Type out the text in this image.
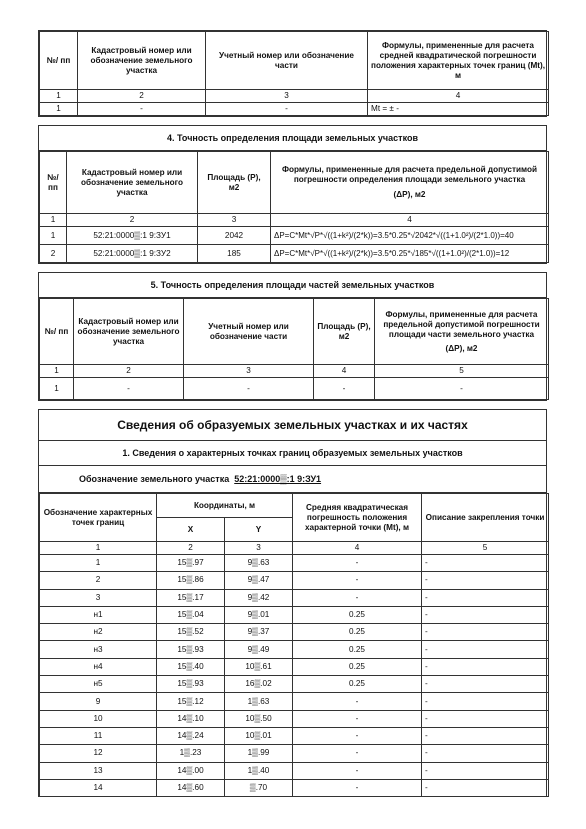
№/ пп	Кадастровый номер или обозначение земельного участка	Учетный номер или обозначение части	Формулы, примененные для расчета средней квадратической погрешности положения характерных точек границ (Mt), м
1	2	3	4
1	-	-	Mt = ± -
4. Точность определения площади земельных участков
№/ пп	Кадастровый номер или обозначение земельного участка	Площадь (P), м2	Формулы, примененные для расчета предельной допустимой погрешности определения площади земельного участка
(ΔP), м2

1	2	3	4
1	52:21:0000▒:1 9:ЗУ1	2042	ΔP=C*Mt*√P*√((1+k²)/(2*k))=3.5*0.25*√2042*√((1+1.0²)/(2*1.0))=40
2	52:21:0000▒:1 9:ЗУ2	185	ΔP=C*Mt*√P*√((1+k²)/(2*k))=3.5*0.25*√185*√((1+1.0²)/(2*1.0))=12
5. Точность определения площади частей земельных участков
№/ пп	Кадастровый номер или обозначение земельного участка	Учетный номер или обозначение части	Площадь (P), м2	Формулы, примененные для расчета предельной допустимой погрешности площади части земельного участка
(ΔP), м2

1	2	3	4	5
1	-	-	-	-
Сведения об образуемых земельных участках и их частях
1. Сведения о характерных точках границ образуемых земельных участков
Обозначение земельного участка 52:21:0000▒:1 9:ЗУ1
Обозначение характерных точек границ	Координаты, м		Средняя квадратическая погрешность положения характерной точки (Mt), м	Описание закрепления точки
	X	Y		
1	2	3	4	5
1	15▒.97	9▒.63	-	-
2	15▒.86	9▒.47	-	-
3	15▒.17	9▒.42	-	-
н1	15▒.04	9▒.01	0.25	-
н2	15▒.52	9▒.37	0.25	-
н3	15▒.93	9▒.49	0.25	-
н4	15▒.40	10▒.61	0.25	-
н5	15▒.93	16▒.02	0.25	-
9	15▒.12	1▒.63	-	-
10	14▒.10	10▒.50	-	-
11	14▒.24	10▒.01	-	-
12	1▒.23	1▒.99	-	-
13	14▒.00	1▒.40	-	-
14	14▒.60	▒.70	-	-
